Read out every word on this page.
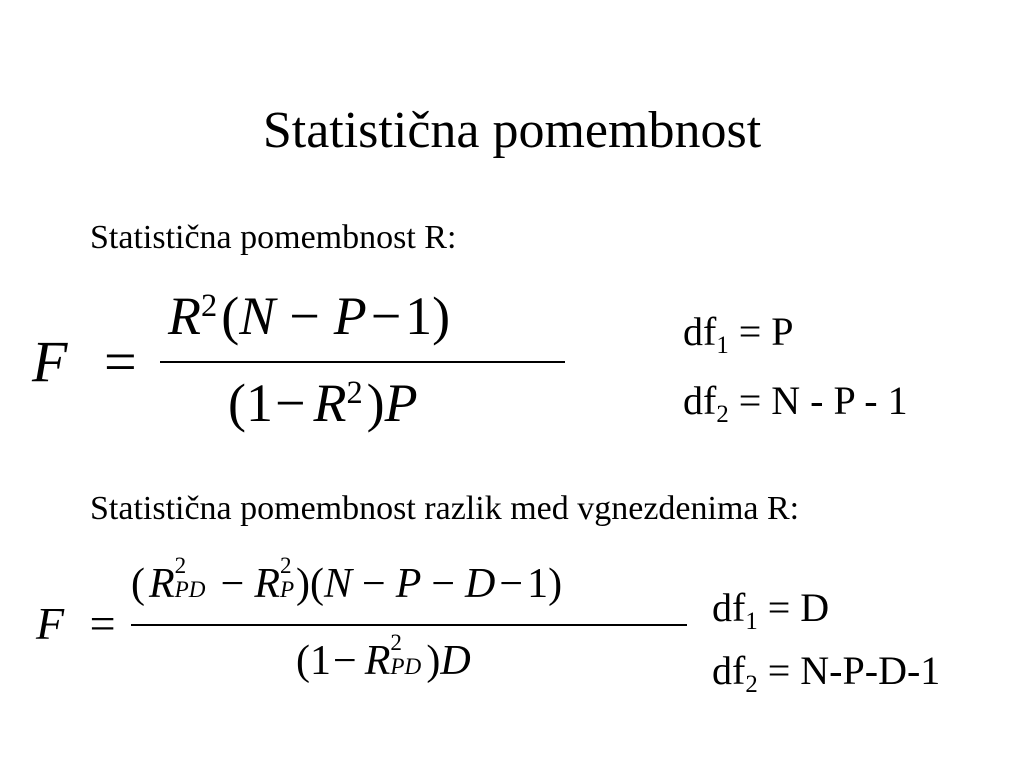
Statistična pomembnost
Statistična pomembnost R:
F =
$R^2(N - P-1)$
$(1- R^2)P$
$df_1 = P$
$df_2 = N - P - 1$
Statistična pomembnost razlik med vgnezdenima R:
F =
(R 2
PD − R 2
P )(N − P − D−1)
(1− R 2
PD )D
$df_1 = D$
$df_2 = N-P-D-1$
